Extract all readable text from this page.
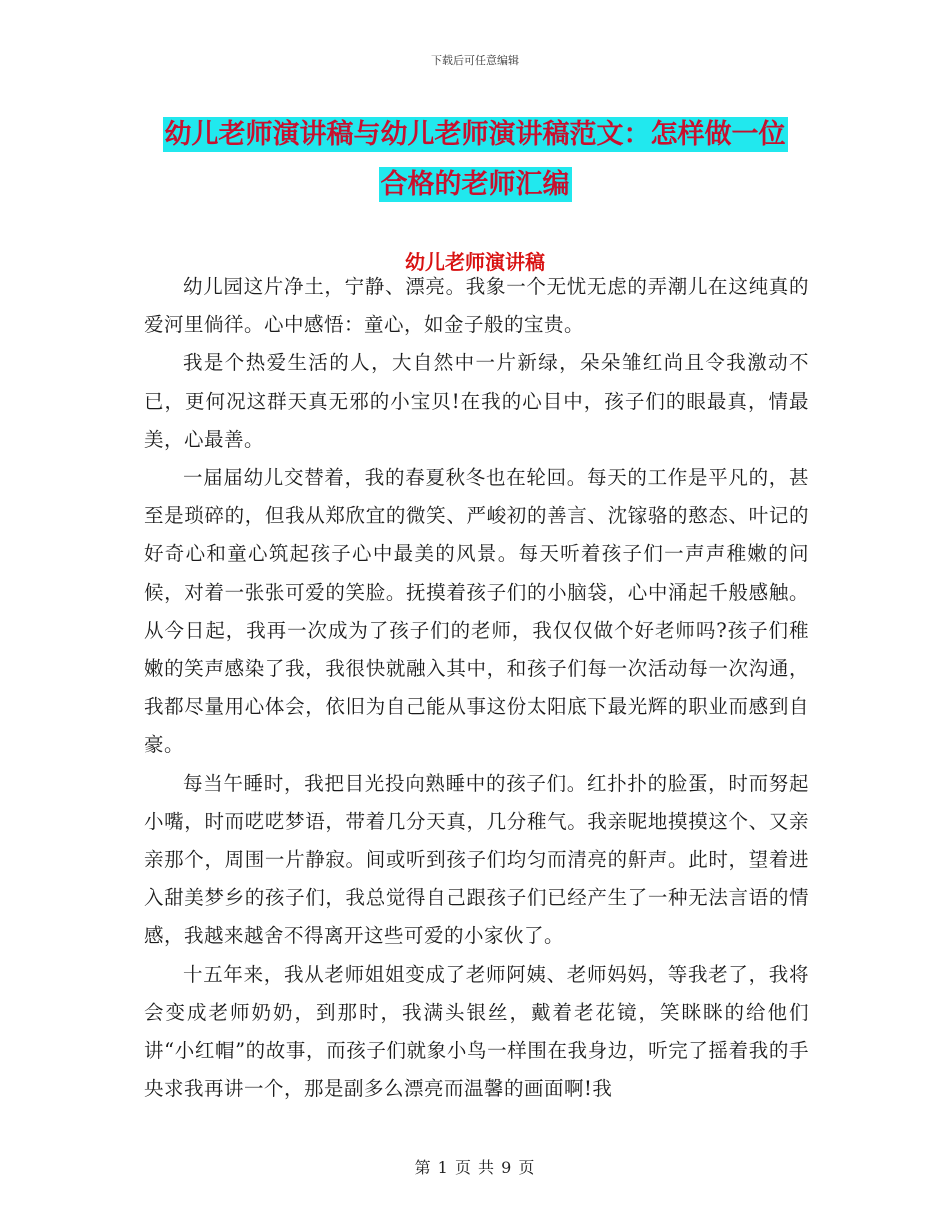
下载后可任意编辑
幼儿老师演讲稿与幼儿老师演讲稿范文：怎样做一位
合格的老师汇编
幼儿老师演讲稿

幼儿园这片净土，宁静、漂亮。我象一个无忧无虑的弄潮儿在这纯真的爱河里倘徉。心中感悟：童心，如金子般的宝贵。

我是个热爱生活的人，大自然中一片新绿，朵朵雏红尚且令我激动不已，更何况这群天真无邪的小宝贝!在我的心目中，孩子们的眼最真，情最美，心最善。

一届届幼儿交替着，我的春夏秋冬也在轮回。每天的工作是平凡的，甚至是琐碎的，但我从郑欣宜的微笑、严峻初的善言、沈镓骆的憨态、叶记的好奇心和童心筑起孩子心中最美的风景。每天听着孩子们一声声稚嫩的问候，对着一张张可爱的笑脸。抚摸着孩子们的小脑袋，心中涌起千般感触。从今日起，我再一次成为了孩子们的老师，我仅仅做个好老师吗?孩子们稚嫩的笑声感染了我，我很快就融入其中，和孩子们每一次活动每一次沟通，我都尽量用心体会，依旧为自己能从事这份太阳底下最光辉的职业而感到自豪。

每当午睡时，我把目光投向熟睡中的孩子们。红扑扑的脸蛋，时而努起小嘴，时而呓呓梦语，带着几分天真，几分稚气。我亲昵地摸摸这个、又亲亲那个，周围一片静寂。间或听到孩子们均匀而清亮的鼾声。此时，望着进入甜美梦乡的孩子们，我总觉得自己跟孩子们已经产生了一种无法言语的情感，我越来越舍不得离开这些可爱的小家伙了。

十五年来，我从老师姐姐变成了老师阿姨、老师妈妈，等我老了，我将会变成老师奶奶，到那时，我满头银丝，戴着老花镜，笑眯眯的给他们讲“小红帽”的故事，而孩子们就象小鸟一样围在我身边，听完了摇着我的手央求我再讲一个，那是副多么漂亮而温馨的画面啊!我

第 1 页 共 9 页
